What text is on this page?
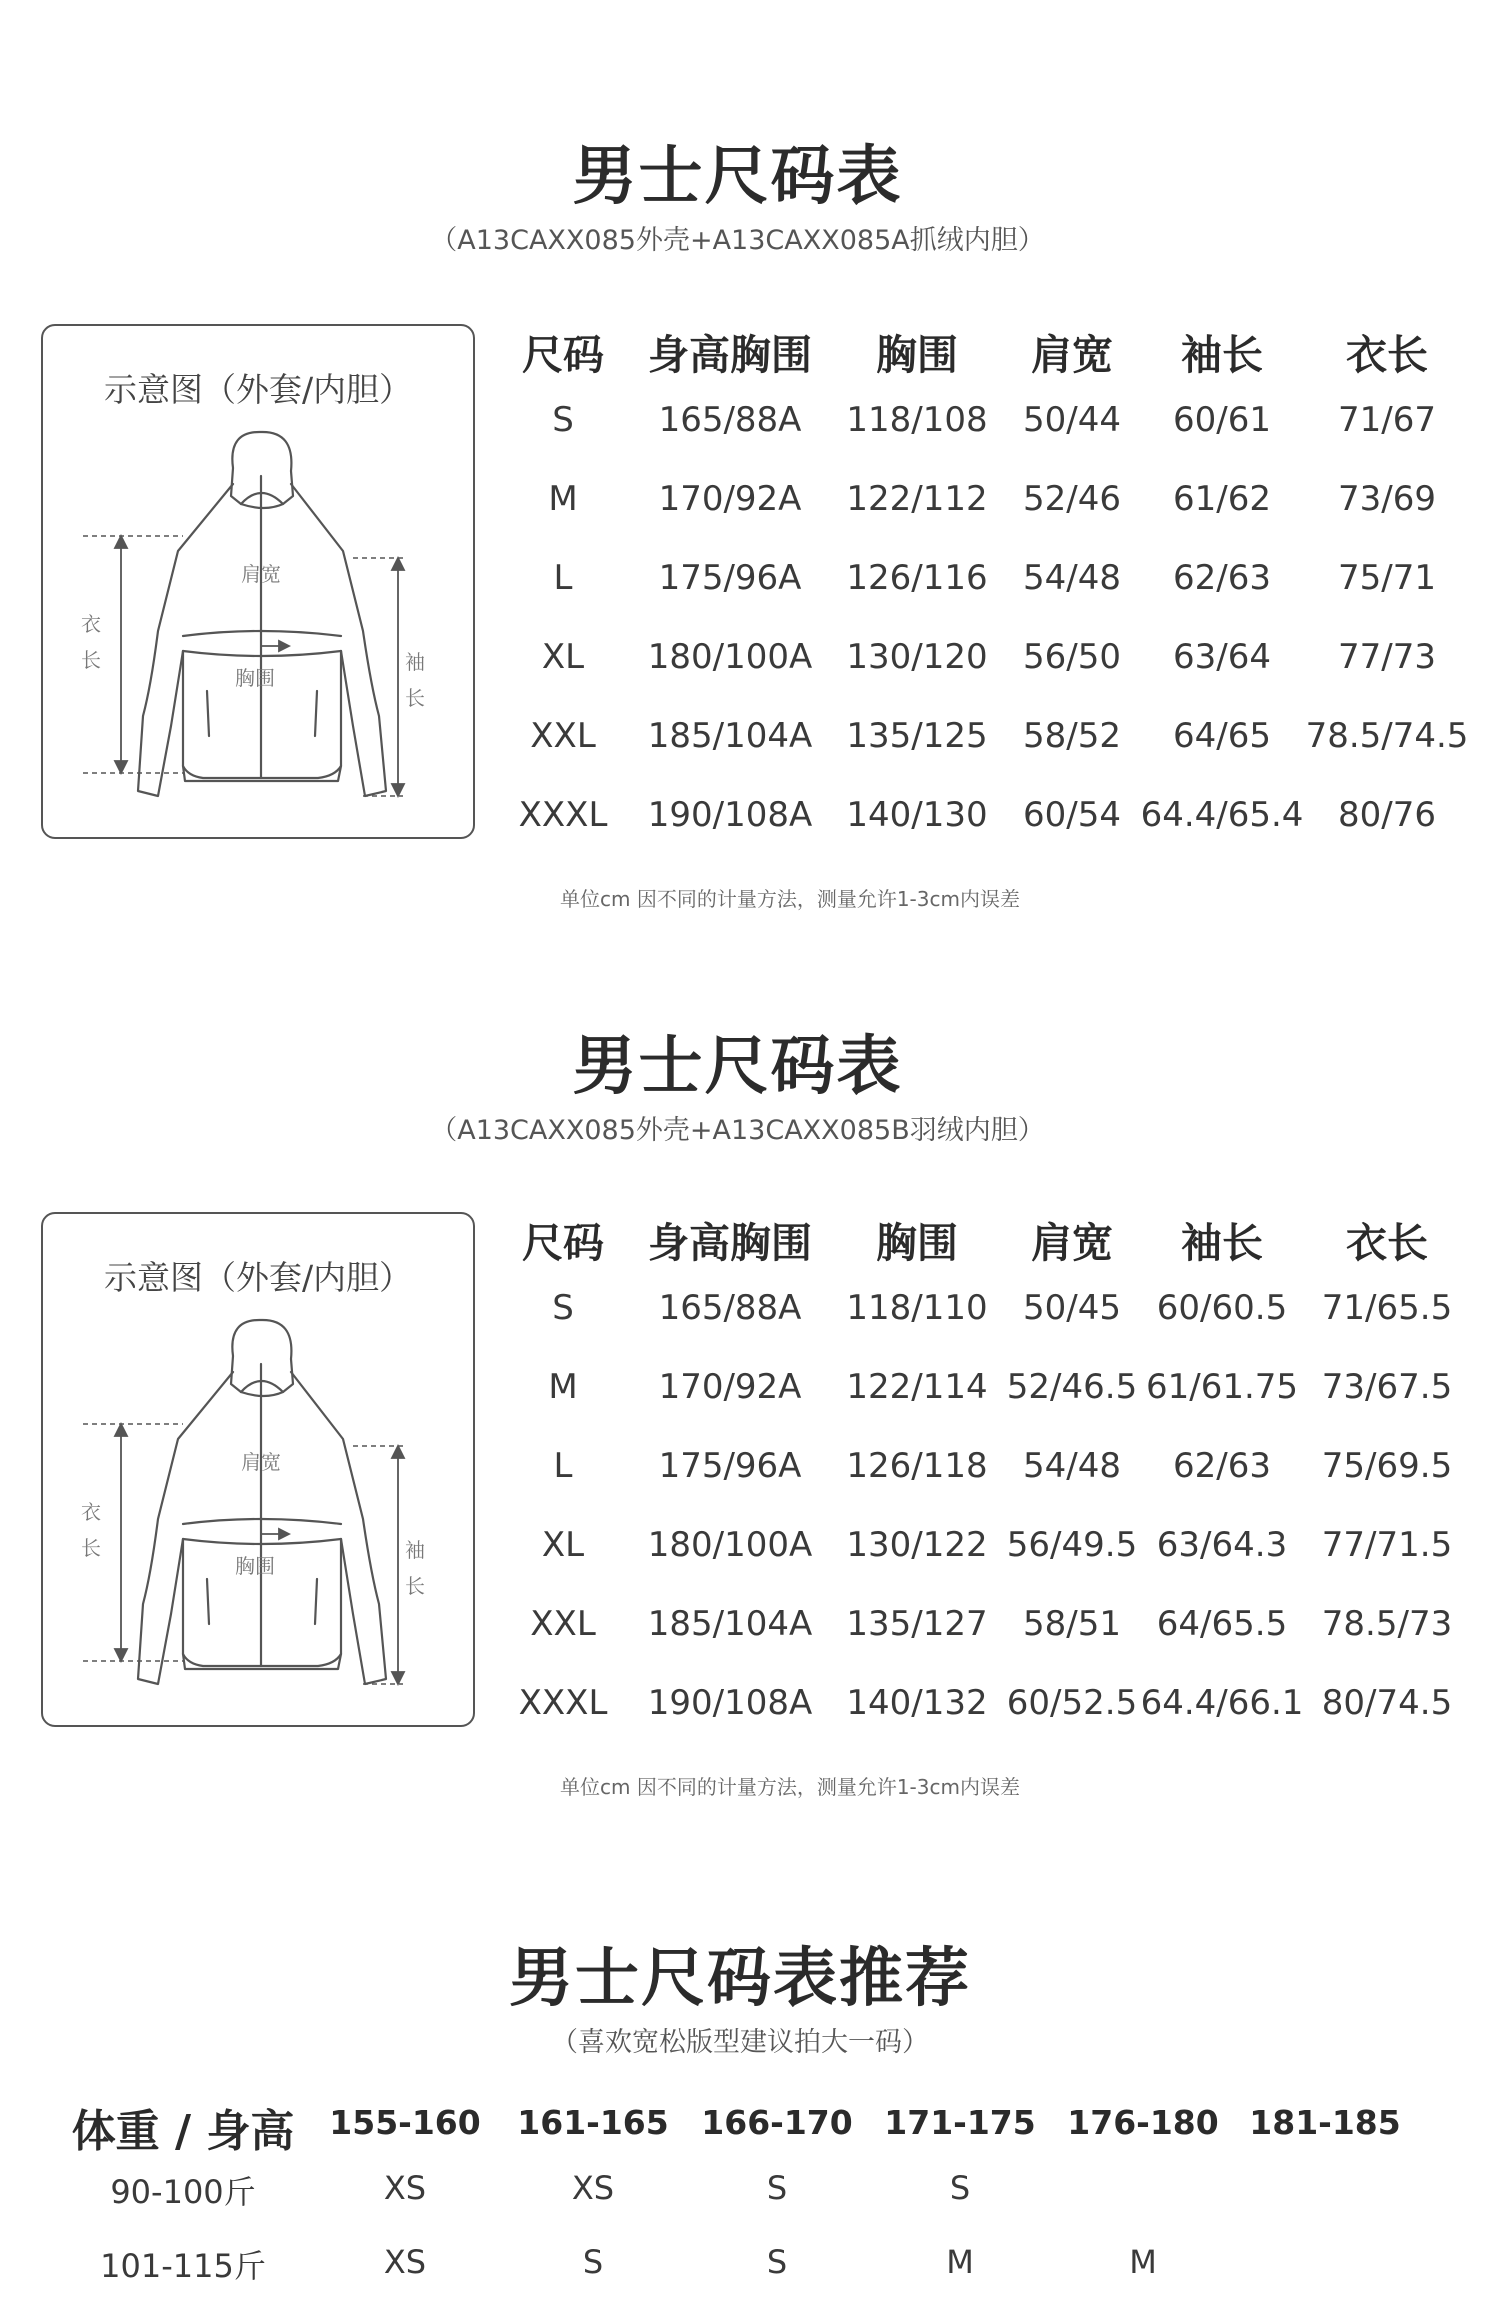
男士尺码表
（A13CAXX085外壳+A13CAXX085A抓绒内胆）
示意图（外套/内胆）
肩宽
胸围
衣
长	袖
长
尺码	身高胸围	胸围	肩宽	袖长	衣长
S	165/88A	118/108	50/44	60/61	71/67
M	170/92A	122/112	52/46	61/62	73/69
L	175/96A	126/116	54/48	62/63	75/71
XL	180/100A	130/120	56/50	63/64	77/73
XXL	185/104A	135/125	58/52	64/65	78.5/74.5
XXXL	190/108A	140/130	60/54 64.4/65.4	80/76
单位cm 因不同的计量方法，测量允许1-3cm内误差
男士尺码表
（A13CAXX085外壳+A13CAXX085B羽绒内胆）
示意图（外套/内胆）
肩宽
胸围
衣
长	袖
长
尺码	身高胸围	胸围	肩宽	袖长	衣长
S	165/88A	118/110	50/45	60/60.5	71/65.5
M	170/92A	122/114 52/46.5 61/61.75 73/67.5
L	175/96A	126/118	54/48	62/63	75/69.5
XL	180/100A	130/122 56/49.5 63/64.3	77/71.5
XXL	185/104A	135/127	58/51	64/65.5	78.5/73
XXXL	190/108A	140/132 60/52.5 64.4/66.1 80/74.5
单位cm 因不同的计量方法，测量允许1-3cm内误差
男士尺码表推荐
（喜欢宽松版型建议拍大一码）
体重 / 身高	155-160	161-165 166-170 171-175 176-180 181-185
90-100斤	XS	XS	S	S
101-115斤	XS	S	S	M	M
